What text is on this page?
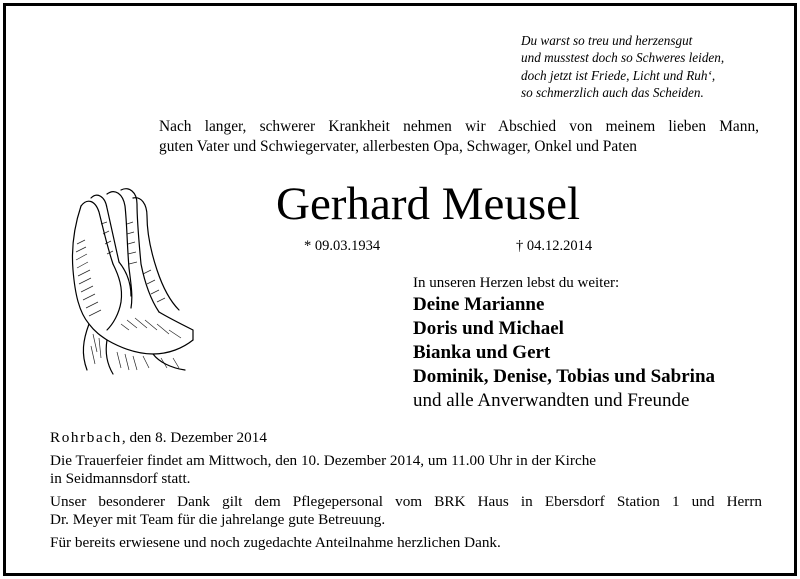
Du warst so treu und herzensgut
und musstest doch so Schweres leiden,
doch jetzt ist Friede, Licht und Ruh‘,
so schmerzlich auch das Scheiden.
Nach langer, schwerer Krankheit nehmen wir Abschied von meinem lieben Mann,
guten Vater und Schwiegervater, allerbesten Opa, Schwager, Onkel und Paten
Gerhard Meusel
* 09.03.1934	† 04.12.2014
In unseren Herzen lebst du weiter:
Deine Marianne
Doris und Michael
Bianka und Gert
Dominik, Denise, Tobias und Sabrina
und alle Anverwandten und Freunde

Rohrbach, den 8. Dezember 2014

Die Trauerfeier findet am Mittwoch, den 10. Dezember 2014, um 11.00 Uhr in der Kirche
in Seidmannsdorf statt.

Unser besonderer Dank gilt dem Pflegepersonal vom BRK Haus in Ebersdorf Station 1 und Herrn
Dr. Meyer mit Team für die jahrelange gute Betreuung.

Für bereits erwiesene und noch zugedachte Anteilnahme herzlichen Dank.
